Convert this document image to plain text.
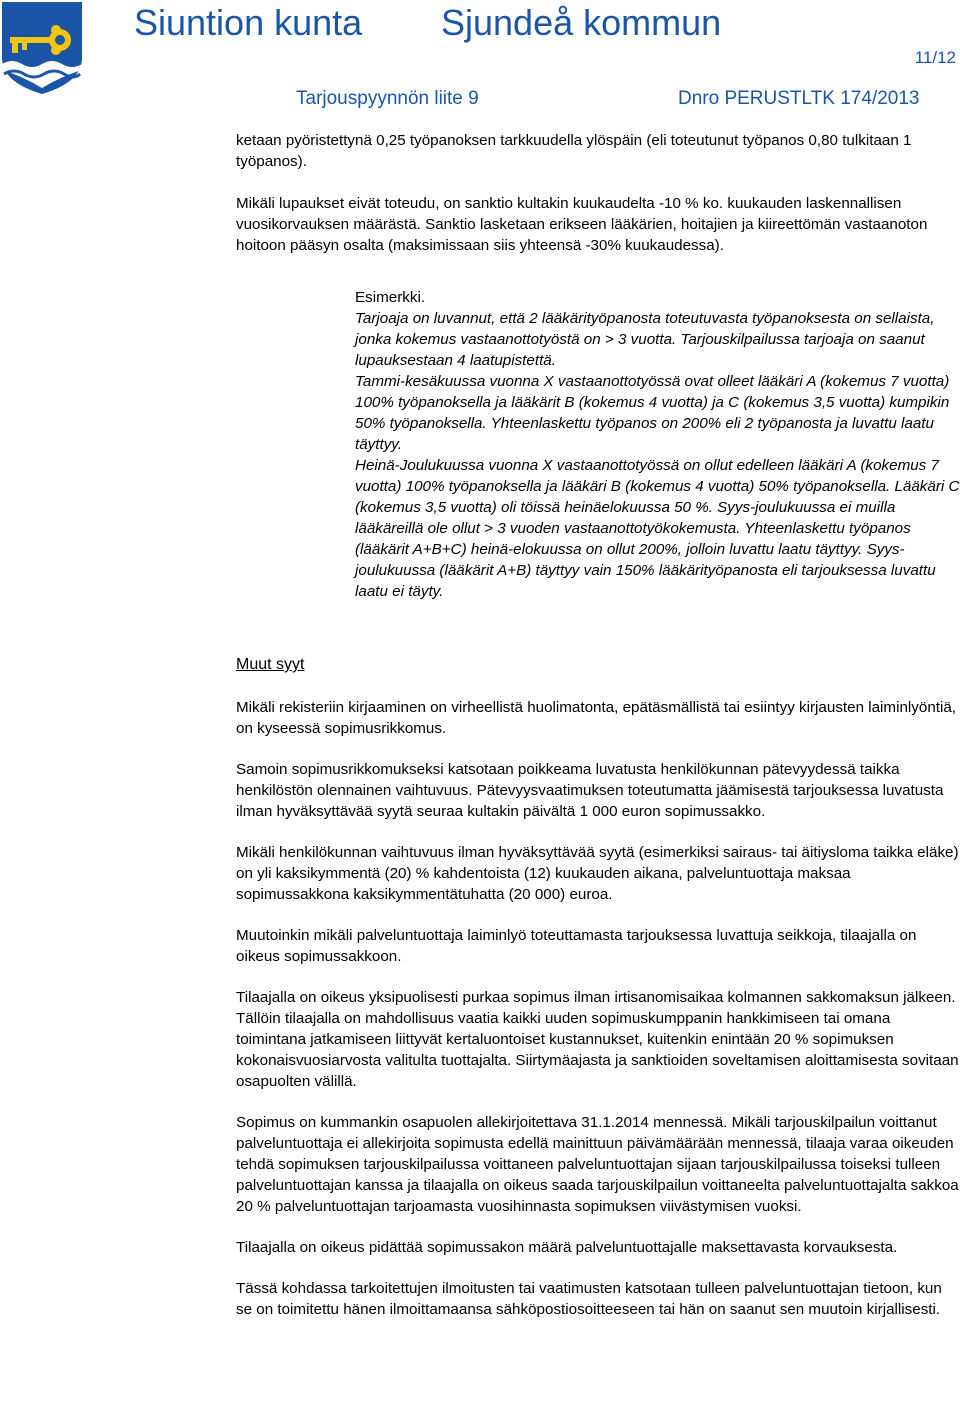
Siuntion kunta Sjundeå kommun
11/12
Tarjouspyynnön liite 9	Dnro PERUSTLTK 174/2013

ketaan pyöristettynä 0,25 työpanoksen tarkkuudella ylöspäin (eli toteutunut työpanos 0,80 tulkitaan 1 työpanos).

Mikäli lupaukset eivät toteudu, on sanktio kultakin kuukaudelta -10 % ko. kuukauden laskennallisen vuosikorvauksen määrästä. Sanktio lasketaan erikseen lääkärien, hoitajien ja kiireettömän vastaanoton hoitoon pääsyn osalta (maksimissaan siis yhteensä -30% kuukaudessa).

Esimerkki.

Tarjoaja on luvannut, että 2 lääkärityöpanosta toteutuvasta työpanoksesta on sellaista, jonka kokemus vastaanottotyöstä on > 3 vuotta. Tarjouskilpailussa tarjoaja on saanut lupauksestaan 4 laatupistettä.

Tammi-kesäkuussa vuonna X vastaanottotyössä ovat olleet lääkäri A (kokemus 7 vuotta) 100% työpanoksella ja lääkärit B (kokemus 4 vuotta) ja C (kokemus 3,5 vuotta) kumpikin 50% työpanoksella. Yhteenlaskettu työpanos on 200% eli 2 työpanosta ja luvattu laatu täyttyy.

Heinä-Joulukuussa vuonna X vastaanottotyössä on ollut edelleen lääkäri A (kokemus 7 vuotta) 100% työpanoksella ja lääkäri B (kokemus 4 vuotta) 50% työpanoksella. Lääkäri C (kokemus 3,5 vuotta) oli töissä heinäelokuussa 50 %. Syys-joulukuussa ei muilla lääkäreillä ole ollut > 3 vuoden vastaanottotyökokemusta. Yhteenlaskettu työpanos (lääkärit A+B+C) heinä-elokuussa on ollut 200%, jolloin luvattu laatu täyttyy. Syys-joulukuussa (lääkärit A+B) täyttyy vain 150% lääkärityöpanosta eli tarjouksessa luvattu laatu ei täyty.

Muut syyt

Mikäli rekisteriin kirjaaminen on virheellistä huolimatonta, epätäsmällistä tai esiintyy kirjausten laiminlyöntiä, on kyseessä sopimusrikkomus.

Samoin sopimusrikkomukseksi katsotaan poikkeama luvatusta henkilökunnan pätevyydessä taikka henkilöstön olennainen vaihtuvuus. Pätevyysvaatimuksen toteutumatta jäämisestä tarjouksessa luvatusta ilman hyväksyttävää syytä seuraa kultakin päivältä 1 000 euron sopimussakko.

Mikäli henkilökunnan vaihtuvuus ilman hyväksyttävää syytä (esimerkiksi sairaus- tai äitiysloma taikka eläke) on yli kaksikymmentä (20) % kahdentoista (12) kuukauden aikana, palveluntuottaja maksaa sopimussakkona kaksikymmentätuhatta (20 000) euroa.

Muutoinkin mikäli palveluntuottaja laiminlyö toteuttamasta tarjouksessa luvattuja seikkoja, tilaajalla on oikeus sopimussakkoon.

Tilaajalla on oikeus yksipuolisesti purkaa sopimus ilman irtisanomisaikaa kolmannen sakkomaksun jälkeen. Tällöin tilaajalla on mahdollisuus vaatia kaikki uuden sopimuskumppanin hankkimiseen tai omana toimintana jatkamiseen liittyvät kertaluontoiset kustannukset, kuitenkin enintään 20 % sopimuksen kokonaisvuosiarvosta valitulta tuottajalta. Siirtymäajasta ja sanktioiden soveltamisen aloittamisesta sovitaan osapuolten välillä.

Sopimus on kummankin osapuolen allekirjoitettava 31.1.2014 mennessä. Mikäli tarjouskilpailun voittanut palveluntuottaja ei allekirjoita sopimusta edellä mainittuun päivämäärään mennessä, tilaaja varaa oikeuden tehdä sopimuksen tarjouskilpailussa voittaneen palveluntuottajan sijaan tarjouskilpailussa toiseksi tulleen palveluntuottajan kanssa ja tilaajalla on oikeus saada tarjouskilpailun voittaneelta palveluntuottajalta sakkoa 20 % palveluntuottajan tarjoamasta vuosihinnasta sopimuksen viivästymisen vuoksi.

Tilaajalla on oikeus pidättää sopimussakon määrä palveluntuottajalle maksettavasta korvauksesta.

Tässä kohdassa tarkoitettujen ilmoitusten tai vaatimusten katsotaan tulleen palveluntuottajan tietoon, kun se on toimitettu hänen ilmoittamaansa sähköpostiosoitteeseen tai hän on saanut sen muutoin kirjallisesti.
